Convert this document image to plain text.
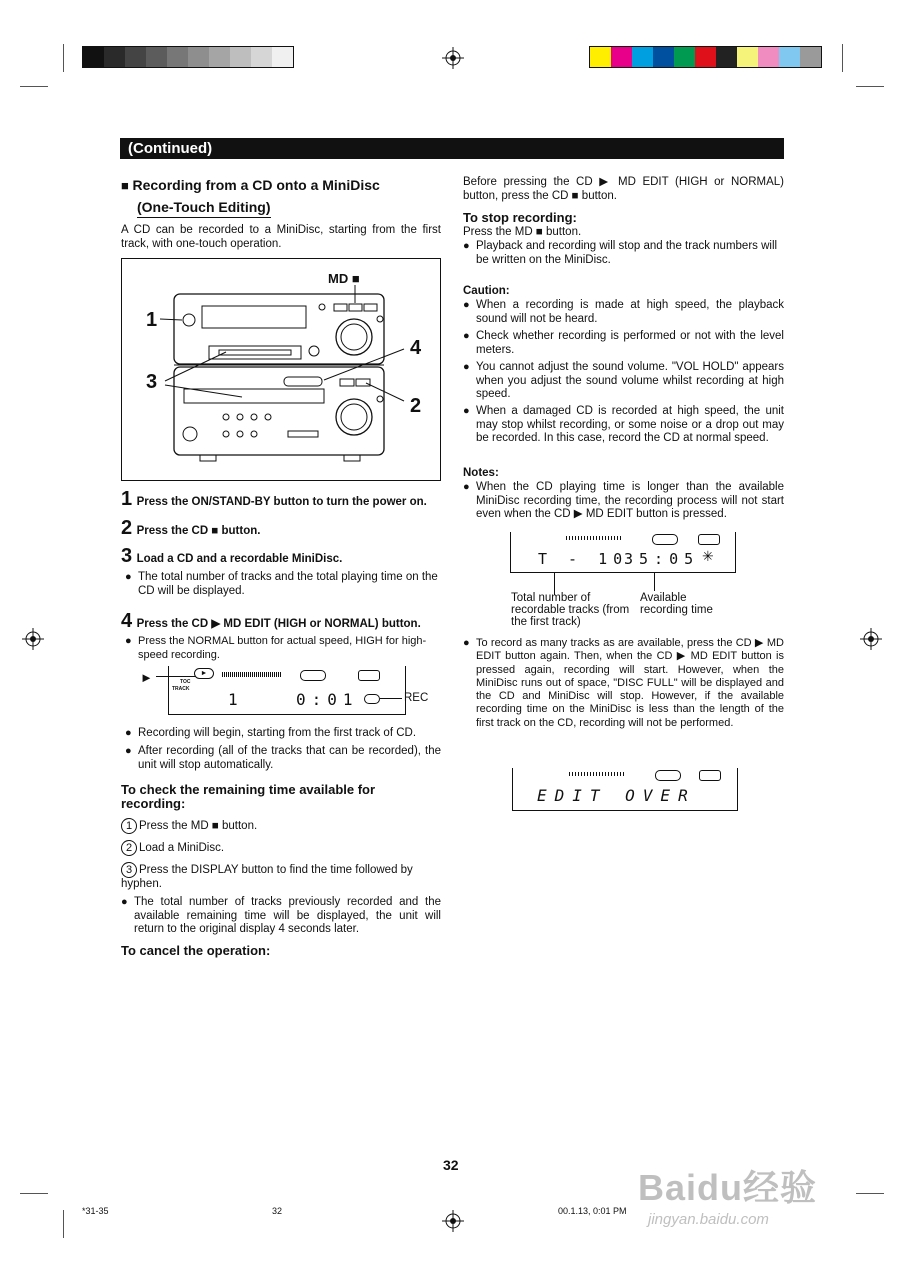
(Continued)
■ Recording from a CD onto a MiniDisc
(One-Touch Editing)
A CD can be recorded to a MiniDisc, starting from the first track, with one-touch operation.
MD ■
1
4
3
2
1 Press the ON/STAND-BY button to turn the power on.
2 Press the CD ■ button.
3 Load a CD and a recordable MiniDisc.
● The total number of tracks and the total playing time on the CD will be displayed.
4 Press the CD ▶ MD EDIT (HIGH or NORMAL) button.
● Press the NORMAL button for actual speed, HIGH for high-speed recording.
►	►
TOC
TRACK
1	0:01	REC
● Recording will begin, starting from the first track of CD.
● After recording (all of the tracks that can be recorded), the unit will stop automatically.
To check the remaining time available for recording:
1 Press the MD ■ button.
2 Load a MiniDisc.
3 Press the DISPLAY button to find the time followed by hyphen.
● The total number of tracks previously recorded and the available remaining time will be displayed, the unit will return to the original display 4 seconds later.
To cancel the operation:
Before pressing the CD ▶ MD EDIT (HIGH or NORMAL) button, press the CD ■ button.
To stop recording:
Press the MD ■ button.
● Playback and recording will stop and the track numbers will be written on the MiniDisc.
Caution:
● When a recording is made at high speed, the playback sound will not be heard.
● Check whether recording is performed or not with the level meters.
● You cannot adjust the sound volume. "VOL HOLD" appears when you adjust the sound volume whilst recording at high speed.
● When a damaged CD is recorded at high speed, the unit may stop whilst recording, or some noise or a drop out may be recorded. In this case, record the CD at normal speed.
Notes:
● When the CD playing time is longer than the available MiniDisc recording time, the recording process will not start even when the CD ▶ MD EDIT button is pressed.
T - 10
35:05 ✳
Total number of recordable tracks (from the first track)
Available recording time
● To record as many tracks as are available, press the CD ▶ MD EDIT button again. Then, when the CD ▶ MD EDIT button is pressed again, recording will start. However, when the MiniDisc runs out of space, "DISC FULL" will be displayed and the CD and MiniDisc will stop. However, if the available recording time on the MiniDisc is less than the length of the first track on the CD, recording will not be performed.
EDIT OVER
32
*31-35	32	00.1.13, 0:01 PM
Baidu经验
jingyan.baidu.com
